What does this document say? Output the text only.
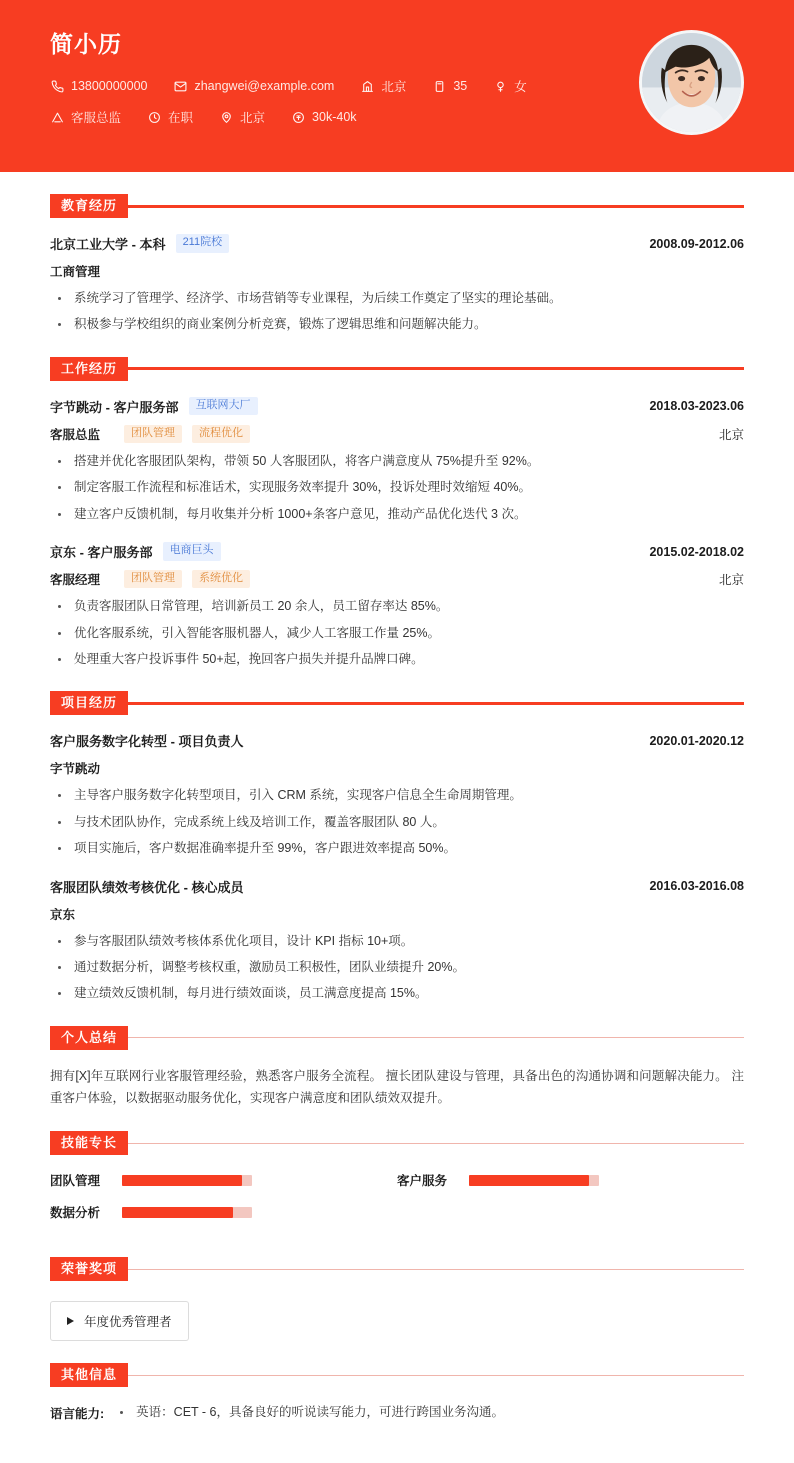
简小历
13800000000	zhangwei@example.com	北京	35	女
客服总监	在职	北京	30k-40k
教育经历
北京工业大学 - 本科	211院校	2008.09-2012.06
工商管理
系统学习了管理学、经济学、市场营销等专业课程，为后续工作奠定了坚实的理论基础。
积极参与学校组织的商业案例分析竞赛，锻炼了逻辑思维和问题解决能力。
工作经历
字节跳动 - 客户服务部	互联网大厂	2018.03-2023.06
客服总监	团队管理	流程优化	北京
搭建并优化客服团队架构，带领 50 人客服团队，将客户满意度从 75%提升至 92%。
制定客服工作流程和标准话术，实现服务效率提升 30%，投诉处理时效缩短 40%。
建立客户反馈机制，每月收集并分析 1000+条客户意见，推动产品优化迭代 3 次。
京东 - 客户服务部	电商巨头	2015.02-2018.02
客服经理	团队管理	系统优化	北京
负责客服团队日常管理，培训新员工 20 余人，员工留存率达 85%。
优化客服系统，引入智能客服机器人，减少人工客服工作量 25%。
处理重大客户投诉事件 50+起，挽回客户损失并提升品牌口碑。
项目经历
客户服务数字化转型 - 项目负责人	2020.01-2020.12
字节跳动
主导客户服务数字化转型项目，引入 CRM 系统，实现客户信息全生命周期管理。
与技术团队协作，完成系统上线及培训工作，覆盖客服团队 80 人。
项目实施后，客户数据准确率提升至 99%，客户跟进效率提高 50%。
客服团队绩效考核优化 - 核心成员	2016.03-2016.08
京东
参与客服团队绩效考核体系优化项目，设计 KPI 指标 10+项。
通过数据分析，调整考核权重，激励员工积极性，团队业绩提升 20%。
建立绩效反馈机制，每月进行绩效面谈，员工满意度提高 15%。
个人总结
拥有[X]年互联网行业客服管理经验，熟悉客户服务全流程。 擅长团队建设与管理，具备出色的沟通协调和问题解决能力。 注重客户体验，以数据驱动服务优化，实现客户满意度和团队绩效双提升。
技能专长
团队管理	客户服务
数据分析
荣誉奖项
年度优秀管理者
其他信息
语言能力:	英语：CET - 6，具备良好的听说读写能力，可进行跨国业务沟通。
